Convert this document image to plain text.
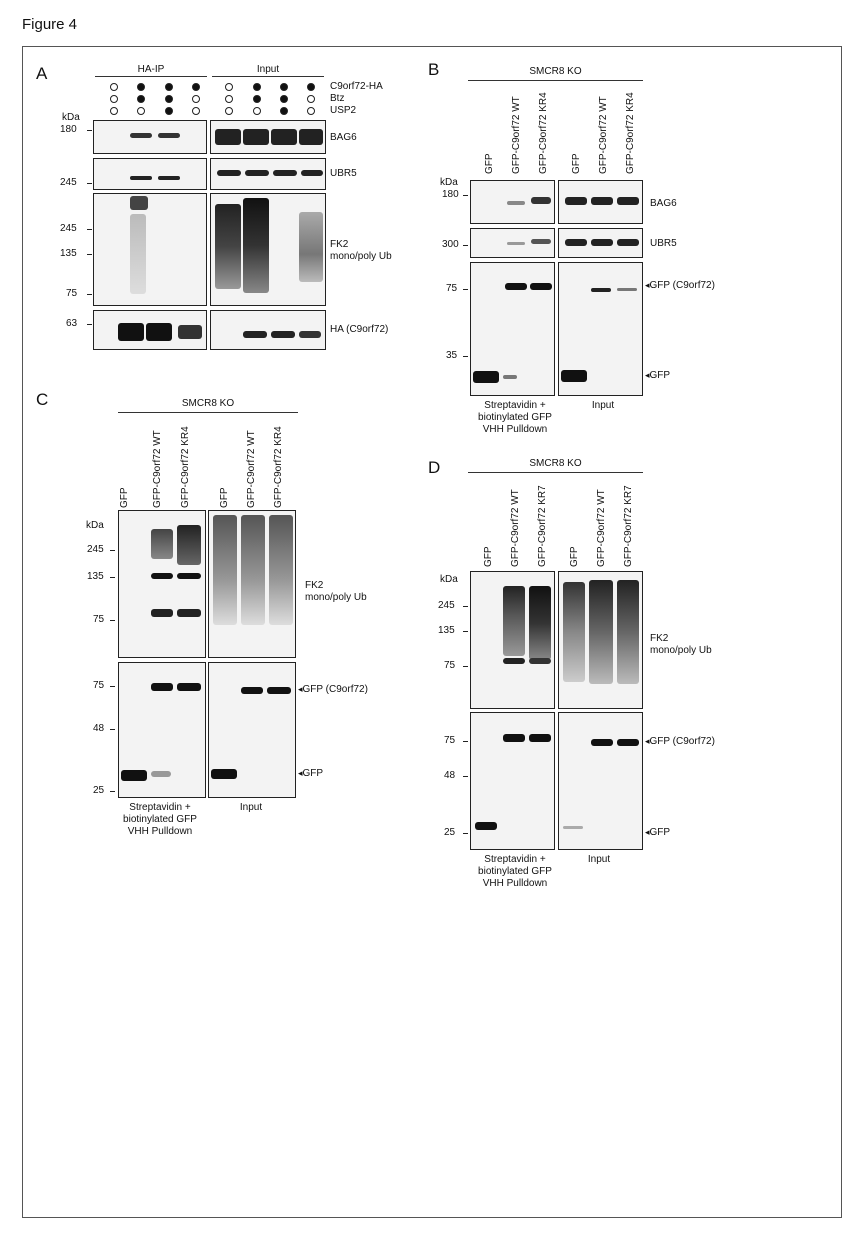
Figure 4
A	HA-IP	Input
C9orf72-HA
Btz
USP2
kDa
180
BAG6
245
UBR5
245
135
75
FK2
mono/poly Ub
63
HA (C9orf72)
B	SMCR8 KO
GFP GFP-C9orf72 WT GFP-C9orf72 KR4 GFP GFP-C9orf72 WT GFP-C9orf72 KR4
kDa
180
BAG6
300	UBR5
75
35
◂GFP (C9orf72)
◂GFP
Streptavidin +
biotinylated GFP
VHH Pulldown
Input
C	SMCR8 KO
GFP GFP-C9orf72 WT GFP-C9orf72 KR4	GFP GFP-C9orf72 WT GFP-C9orf72 KR4
kDa
245
135
75
FK2
mono/poly Ub
75
48
25
◂GFP (C9orf72)
◂GFP
Streptavidin +
biotinylated GFP
VHH Pulldown
Input
D	SMCR8 KO
GFP GFP-C9orf72 WT GFP-C9orf72 KR7 GFP GFP-C9orf72 WT GFP-C9orf72 KR7
kDa
245
135
75
FK2
mono/poly Ub
75
48
25
◂GFP (C9orf72)
◂GFP
Streptavidin +
biotinylated GFP
VHH Pulldown
Input
